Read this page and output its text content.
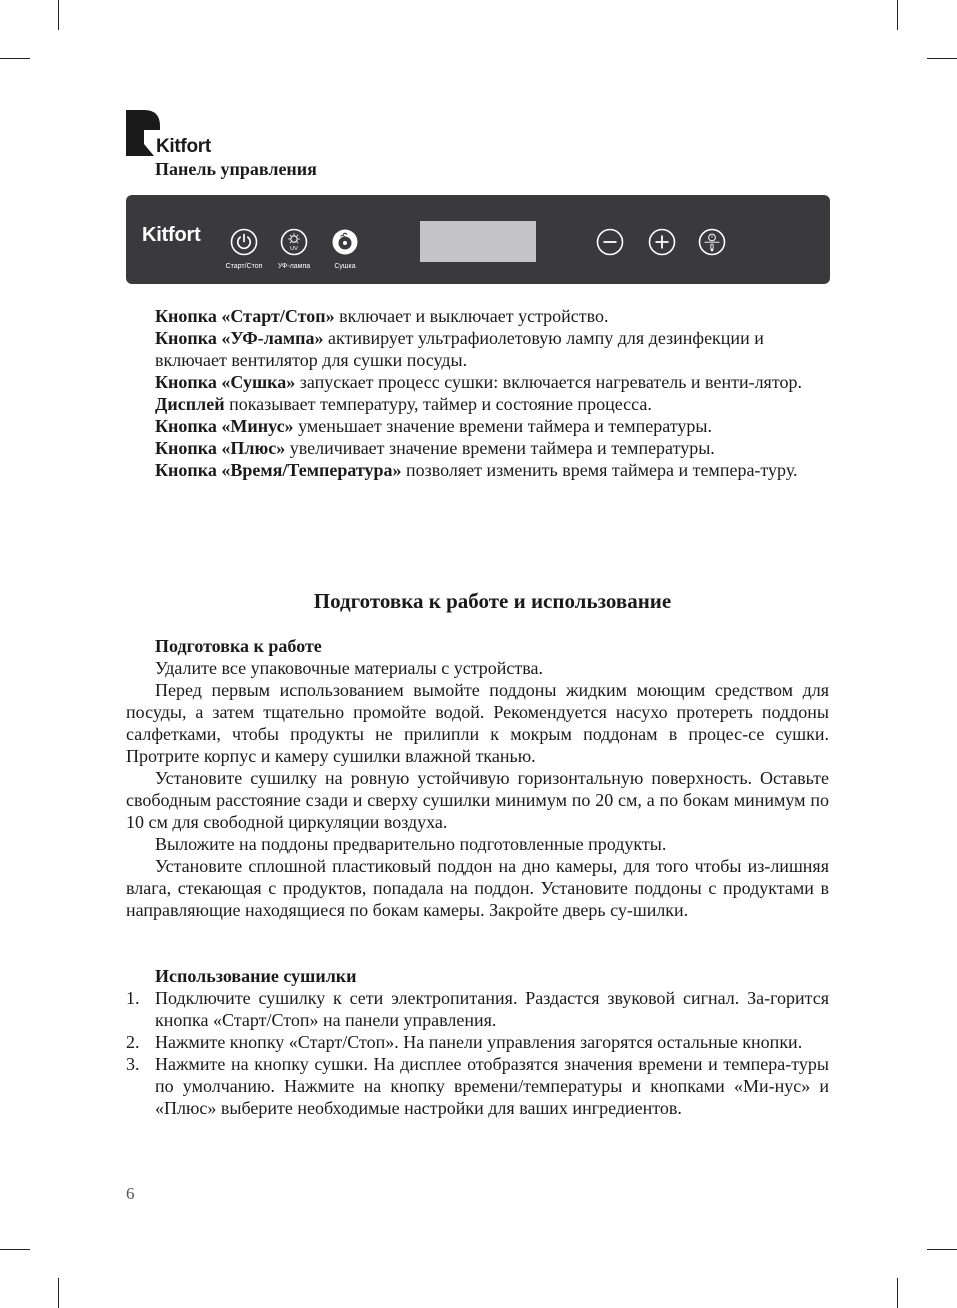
Kitfort
Панель управления
Kitfort
Старт/Стоп
UV
УФ-лампа	Сушка

Кнопка «Старт/Стоп» включает и выключает устройство.

Кнопка «УФ-лампа» активирует ультрафиолетовую лампу для дезинфекции и включает вентилятор для сушки посуды.

Кнопка «Сушка» запускает процесс сушки: включается нагреватель и венти-лятор.

Дисплей показывает температуру, таймер и состояние процесса.

Кнопка «Минус» уменьшает значение времени таймера и температуры.

Кнопка «Плюс» увеличивает значение времени таймера и температуры.

Кнопка «Время/Температура» позволяет изменить время таймера и темпера-туру.

Подготовка к работе и использование

Подготовка к работе

Удалите все упаковочные материалы с устройства.

Перед первым использованием вымойте поддоны жидким моющим средством для посуды, а затем тщательно промойте водой. Рекомендуется насухо протереть поддоны салфетками, чтобы продукты не прилипли к мокрым поддонам в процес-се сушки. Протрите корпус и камеру сушилки влажной тканью.

Установите сушилку на ровную устойчивую горизонтальную поверхность. Оставьте свободным расстояние сзади и сверху сушилки минимум по 20 см, а по бокам минимум по 10 см для свободной циркуляции воздуха.

Выложите на поддоны предварительно подготовленные продукты.

Установите сплошной пластиковый поддон на дно камеры, для того чтобы из-лишняя влага, стекающая с продуктов, попадала на поддон. Установите поддоны с продуктами в направляющие находящиеся по бокам камеры. Закройте дверь су-шилки.

Использование сушилки

1. Подключите сушилку к сети электропитания. Раздастся звуковой сигнал. За-горится кнопка «Старт/Стоп» на панели управления.
2. Нажмите кнопку «Старт/Стоп». На панели управления загорятся остальные кнопки.
3. Нажмите на кнопку сушки. На дисплее отобразятся значения времени и темпера-туры по умолчанию. Нажмите на кнопку времени/температуры и кнопками «Ми-нус» и «Плюс» выберите необходимые настройки для ваших ингредиентов.
6
